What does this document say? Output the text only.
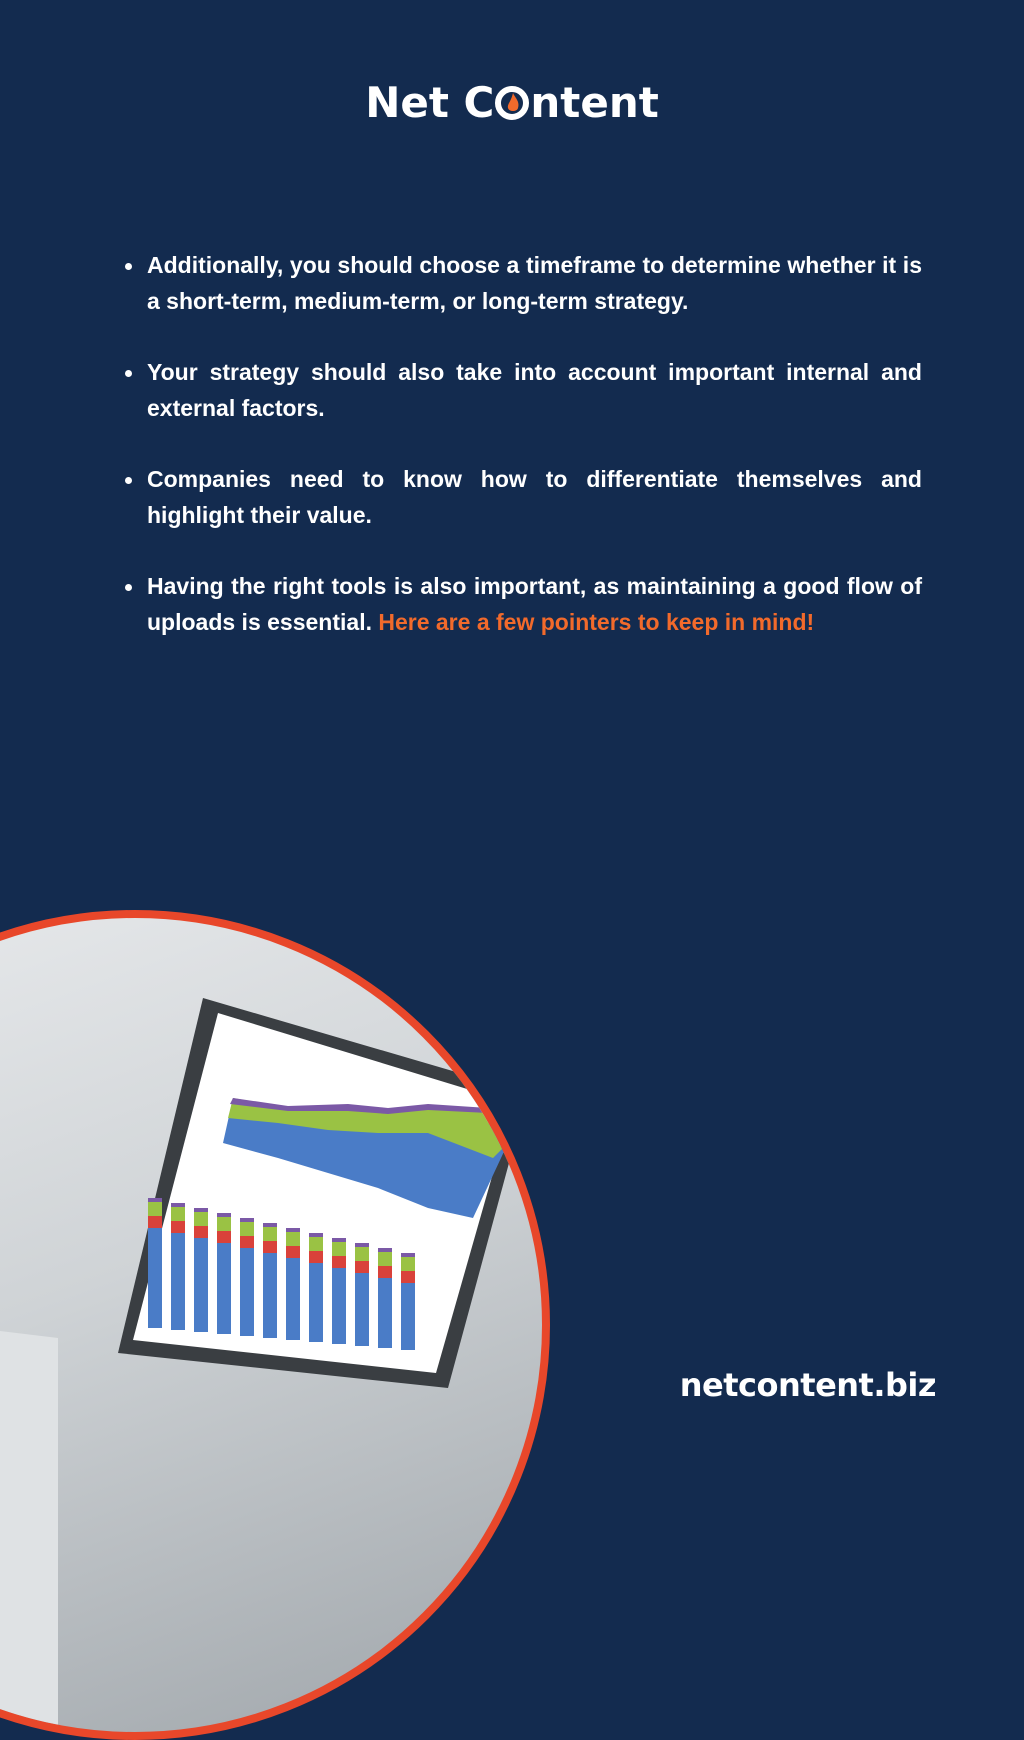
Net C ntent
Additionally, you should choose a timeframe to determine whether it is a short-term, medium-term, or long-term strategy.
Your strategy should also take into account important internal and external factors.
Companies need to know how to differentiate themselves and highlight their value.
Having the right tools is also important, as maintaining a good flow of uploads is essential. Here are a few pointers to keep in mind!
netcontent.biz
